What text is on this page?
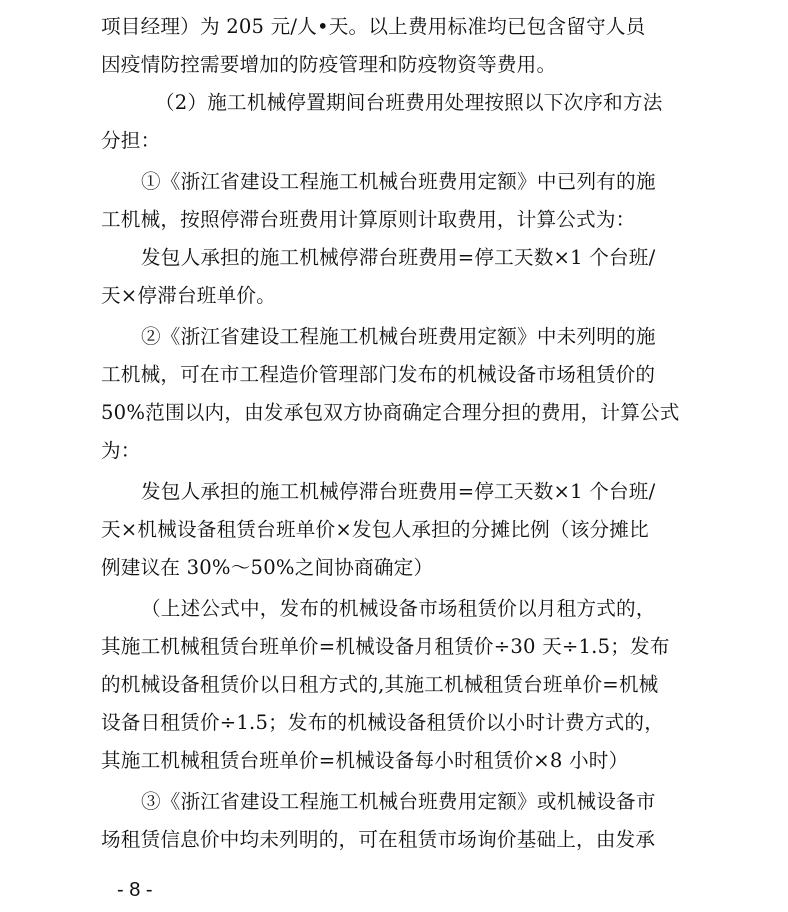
项目经理）为 205 元/人•天。以上费用标准均已包含留守人员
因疫情防控需要增加的防疫管理和防疫物资等费用。
（2）施工机械停置期间台班费用处理按照以下次序和方法
分担：
①《浙江省建设工程施工机械台班费用定额》中已列有的施
工机械，按照停滞台班费用计算原则计取费用，计算公式为：
发包人承担的施工机械停滞台班费用=停工天数×1 个台班/
天×停滞台班单价。
②《浙江省建设工程施工机械台班费用定额》中未列明的施
工机械，可在市工程造价管理部门发布的机械设备市场租赁价的
50%范围以内，由发承包双方协商确定合理分担的费用，计算公式
为：
发包人承担的施工机械停滞台班费用=停工天数×1 个台班/
天×机械设备租赁台班单价×发包人承担的分摊比例（该分摊比
例建议在 30%～50%之间协商确定）
（上述公式中，发布的机械设备市场租赁价以月租方式的，
其施工机械租赁台班单价=机械设备月租赁价÷30 天÷1.5；发布
的机械设备租赁价以日租方式的,其施工机械租赁台班单价=机械
设备日租赁价÷1.5；发布的机械设备租赁价以小时计费方式的，
其施工机械租赁台班单价=机械设备每小时租赁价×8 小时）
③《浙江省建设工程施工机械台班费用定额》或机械设备市
场租赁信息价中均未列明的，可在租赁市场询价基础上，由发承
- 8 -
